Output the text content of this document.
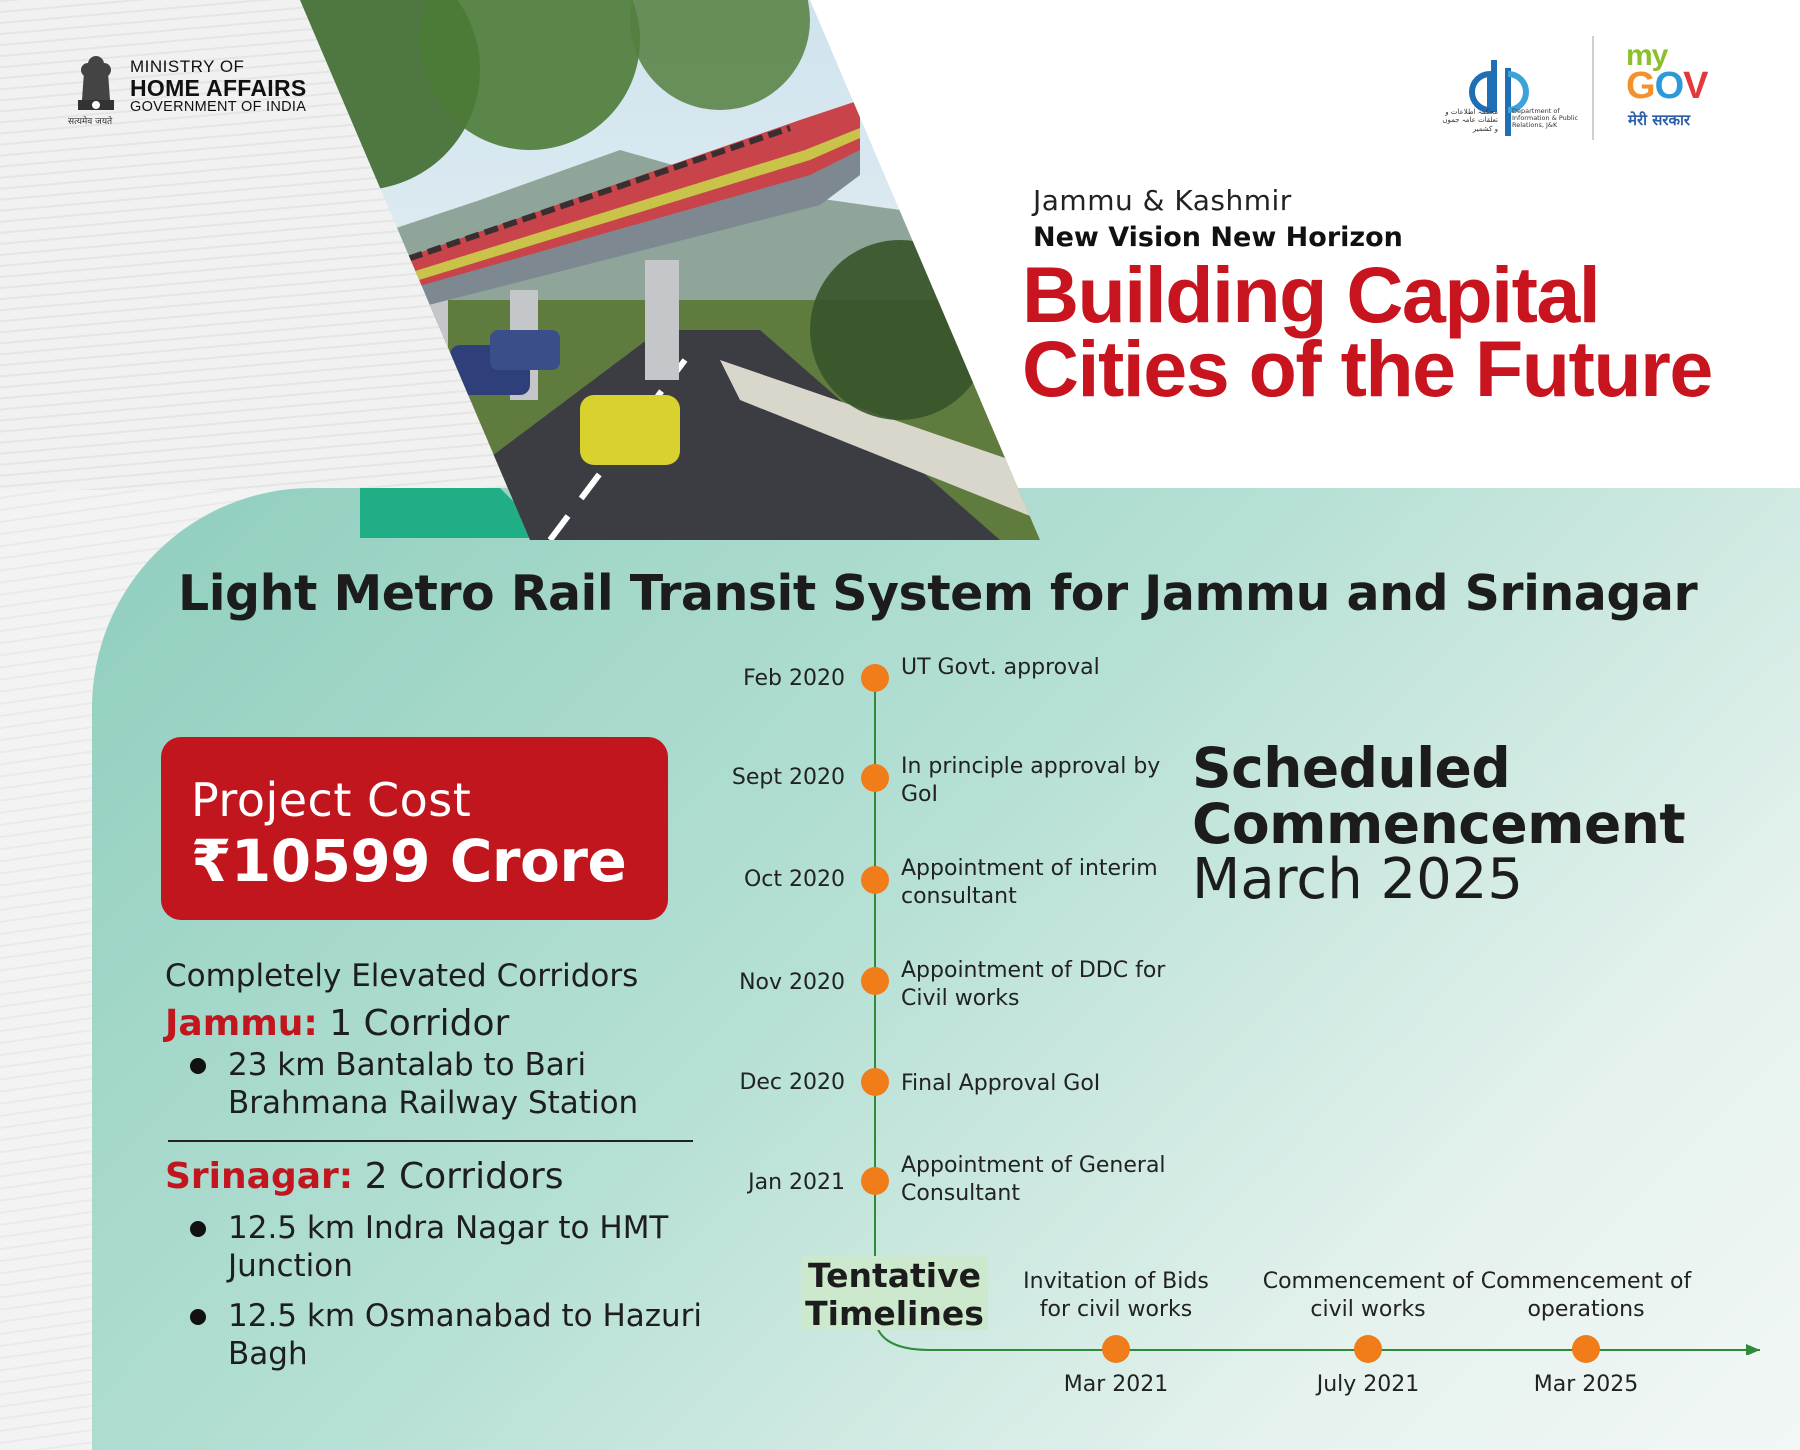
MINISTRY OF
HOME AFFAIRS
GOVERNMENT OF INDIA
सत्यमेव जयते
محکمہ اطلاعات و تعلقات عامہ جموں و کشمیر
Department of Information & Public Relations, J&K
my
GOV
मेरी सरकार
Jammu & Kashmir
New Vision New Horizon
Building Capital
Cities of the Future
Light Metro Rail Transit System for Jammu and Srinagar
Project Cost
₹10599 Crore
Completely Elevated Corridors
Jammu: 1 Corridor
23 km Bantalab to Bari Brahmana Railway Station
Srinagar: 2 Corridors
12.5 km Indra Nagar to HMT Junction
12.5 km Osmanabad to Hazuri Bagh
Feb 2020	UT Govt. approval
Sept 2020	In principle approval by GoI
Oct 2020	Appointment of interim consultant
Nov 2020	Appointment of DDC for Civil works
Dec 2020	Final Approval GoI
Jan 2021
Appointment of General Consultant
Tentative
Timelines
Invitation of Bids for civil works
Mar 2021
Commencement of civil works
July 2021
Commencement of operations
Mar 2025
Scheduled
Commencement
March 2025
